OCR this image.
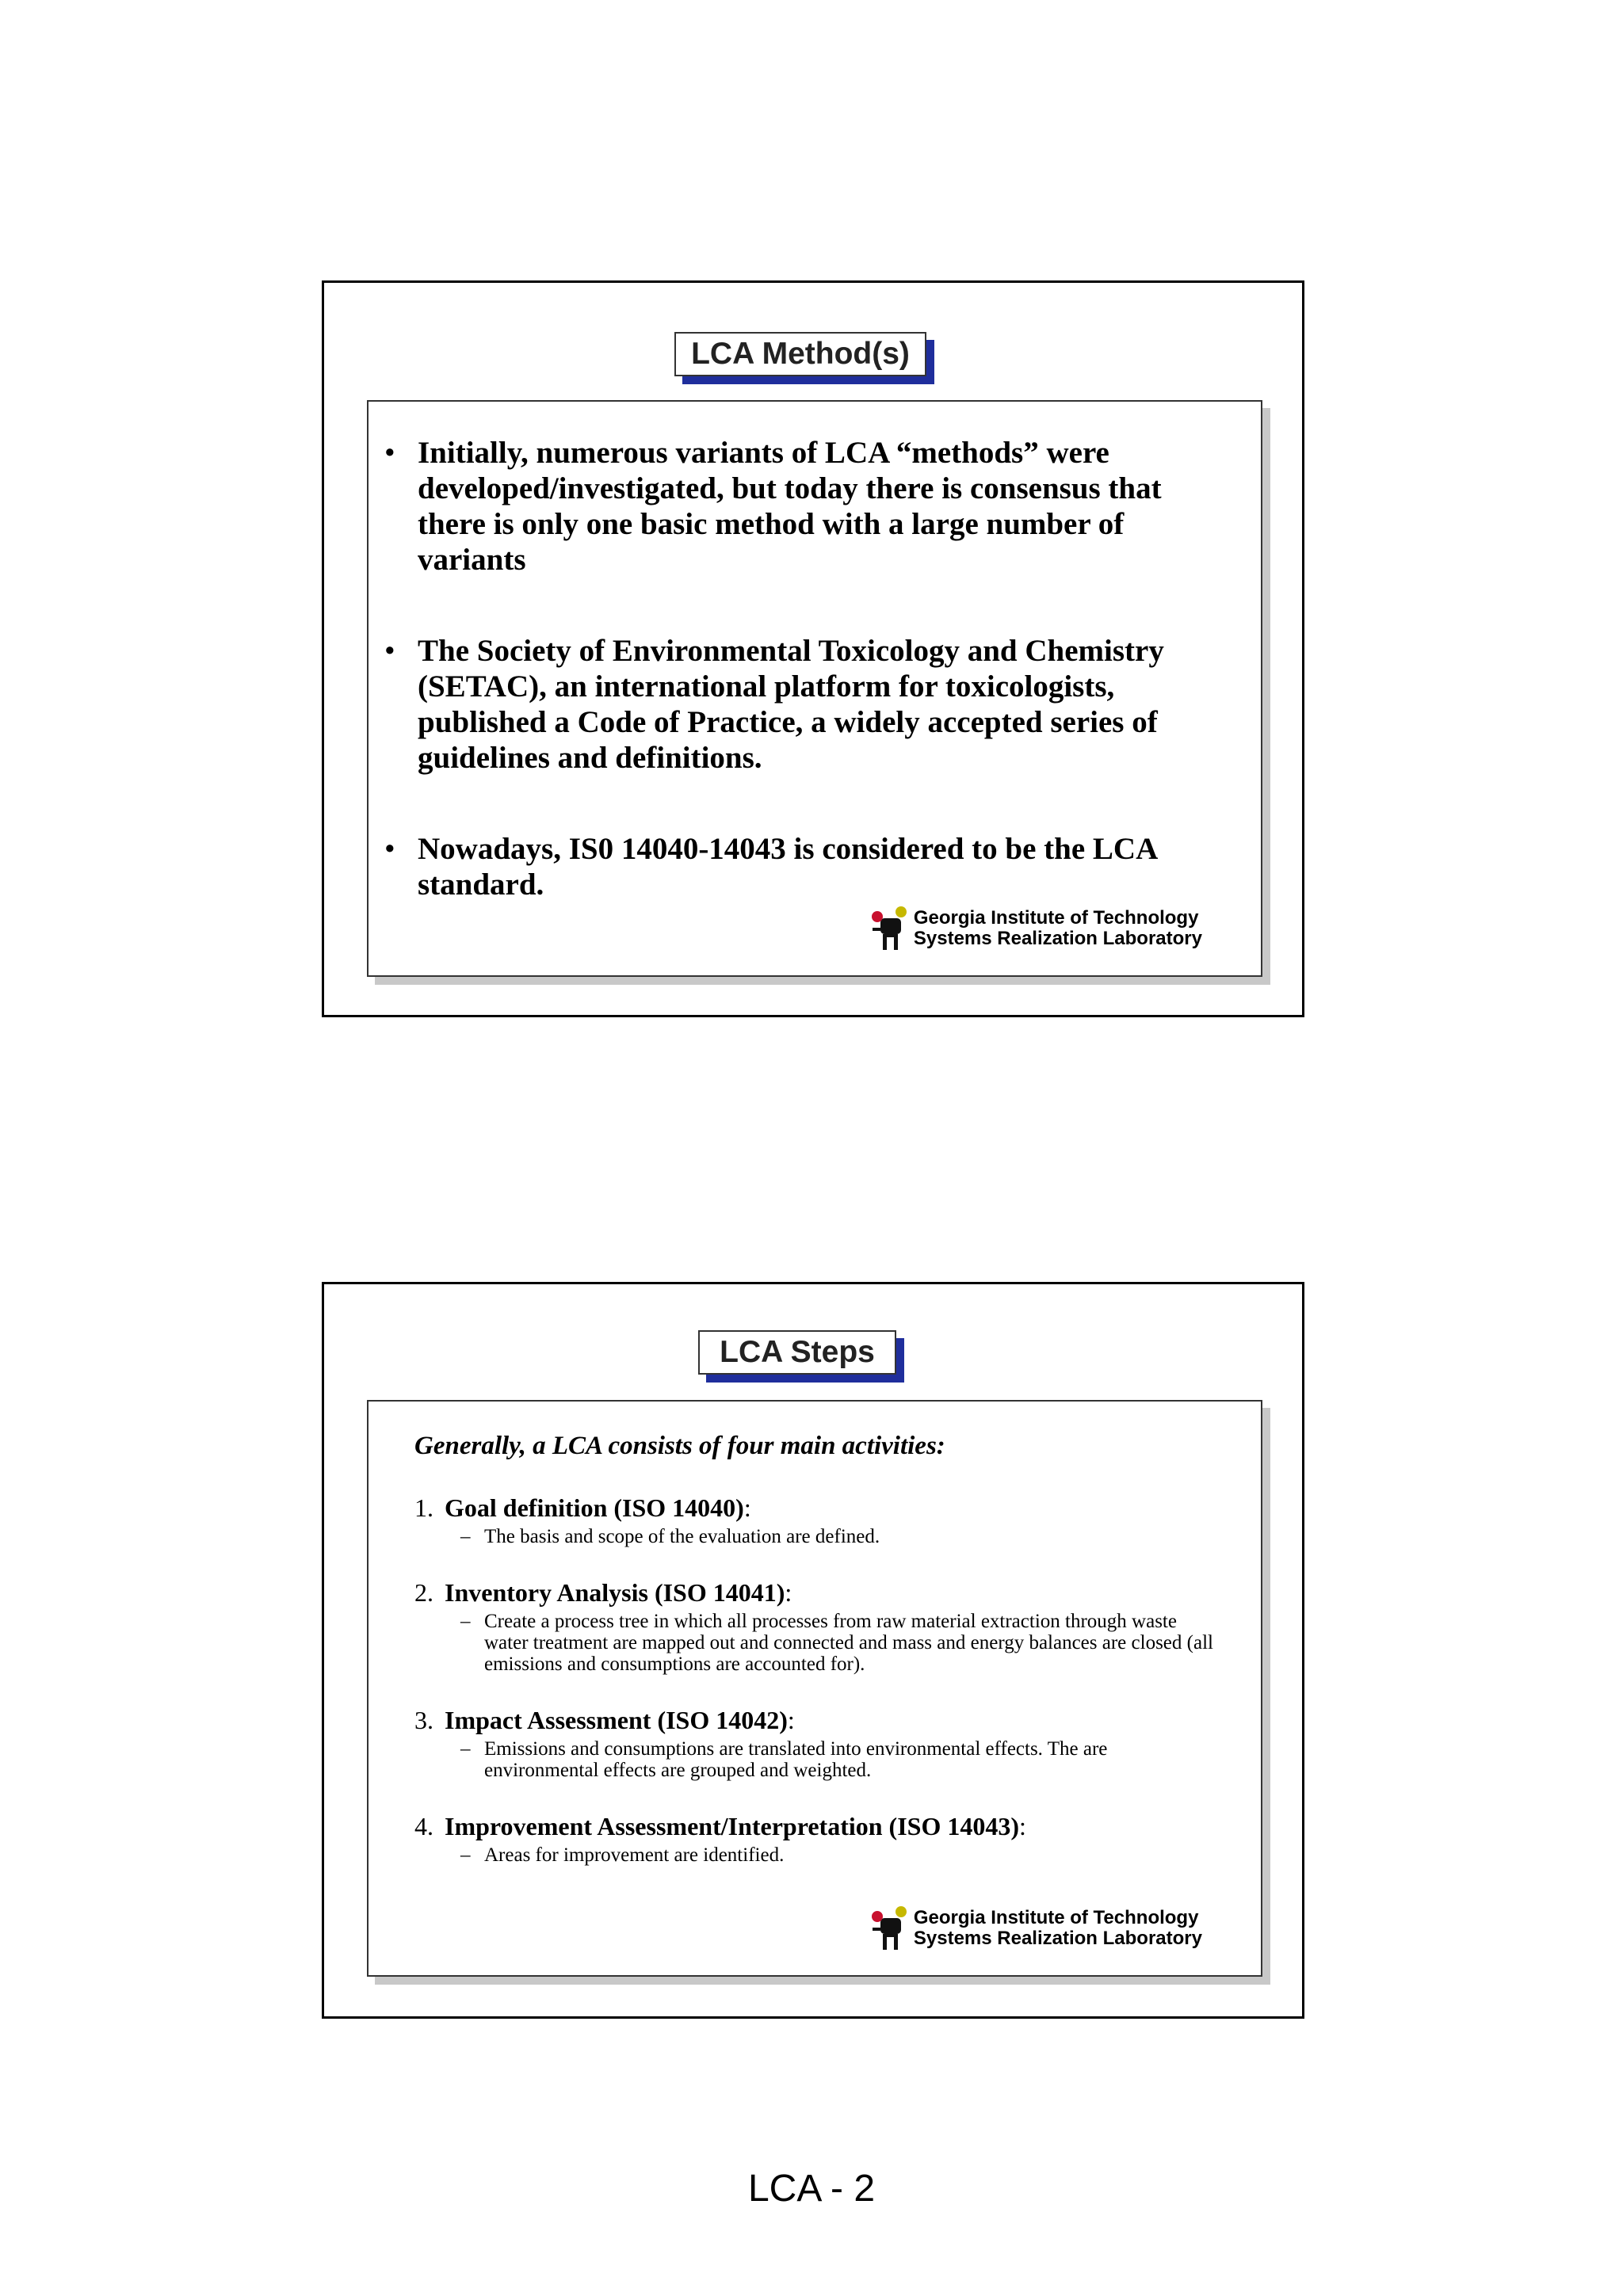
LCA Method(s)
• Initially, numerous variants of LCA “methods” were developed/investigated, but today there is consensus that there is only one basic method with a large number of variants
• The Society of Environmental Toxicology and Chemistry (SETAC), an international platform for toxicologists, published a Code of Practice, a widely accepted series of guidelines and definitions.
• Nowadays, IS0 14040-14043 is considered to be the LCA standard.
Georgia Institute of Technology
Systems Realization Laboratory
LCA Steps
Generally, a LCA consists of four main activities:
1. Goal definition (ISO 14040):
– The basis and scope of the evaluation are defined.
2. Inventory Analysis (ISO 14041):
– Create a process tree in which all processes from raw material extraction through waste water treatment are mapped out and connected and mass and energy balances are closed (all emissions and consumptions are accounted for).
3. Impact Assessment (ISO 14042):
– Emissions and consumptions are translated into environmental effects. The are environmental effects are grouped and weighted.
4. Improvement Assessment/Interpretation (ISO 14043):
– Areas for improvement are identified.
Georgia Institute of Technology
Systems Realization Laboratory
LCA - 2
